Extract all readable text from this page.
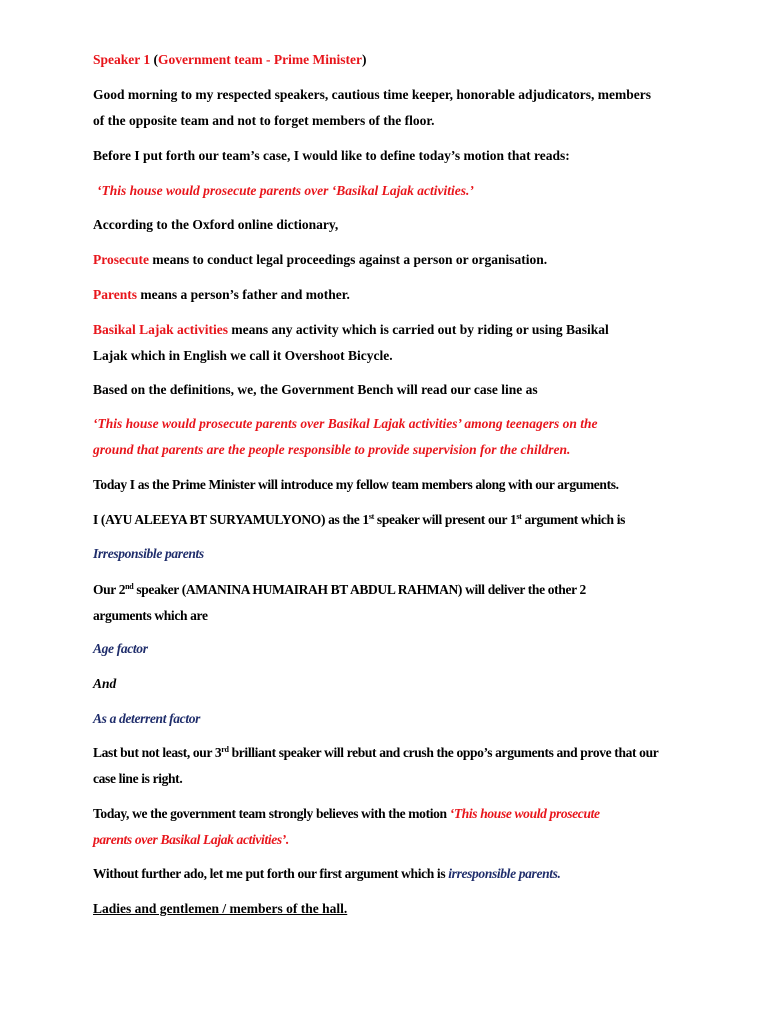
Speaker 1 (Government team - Prime Minister)

Good morning to my respected speakers, cautious time keeper, honorable adjudicators, members
of the opposite team and not to forget members of the floor.

Before I put forth our team’s case, I would like to define today’s motion that reads:

‘This house would prosecute parents over ‘Basikal Lajak activities.’

According to the Oxford online dictionary,

Prosecute means to conduct legal proceedings against a person or organisation.

Parents means a person’s father and mother.

Basikal Lajak activities means any activity which is carried out by riding or using Basikal
Lajak which in English we call it Overshoot Bicycle.

Based on the definitions, we, the Government Bench will read our case line as

‘This house would prosecute parents over Basikal Lajak activities’ among teenagers on the
ground that parents are the people responsible to provide supervision for the children.

Today I as the Prime Minister will introduce my fellow team members along with our arguments.

I (AYU ALEEYA BT SURYAMULYONO) as the 1st speaker will present our 1st argument which is

Irresponsible parents

Our 2nd speaker (AMANINA HUMAIRAH BT ABDUL RAHMAN) will deliver the other 2
arguments which are

Age factor

And

As a deterrent factor

Last but not least, our 3rd brilliant speaker will rebut and crush the oppo’s arguments and prove that our
case line is right.

Today, we the government team strongly believes with the motion ‘This house would prosecute
parents over Basikal Lajak activities’.

Without further ado, let me put forth our first argument which is irresponsible parents.

Ladies and gentlemen / members of the hall.
